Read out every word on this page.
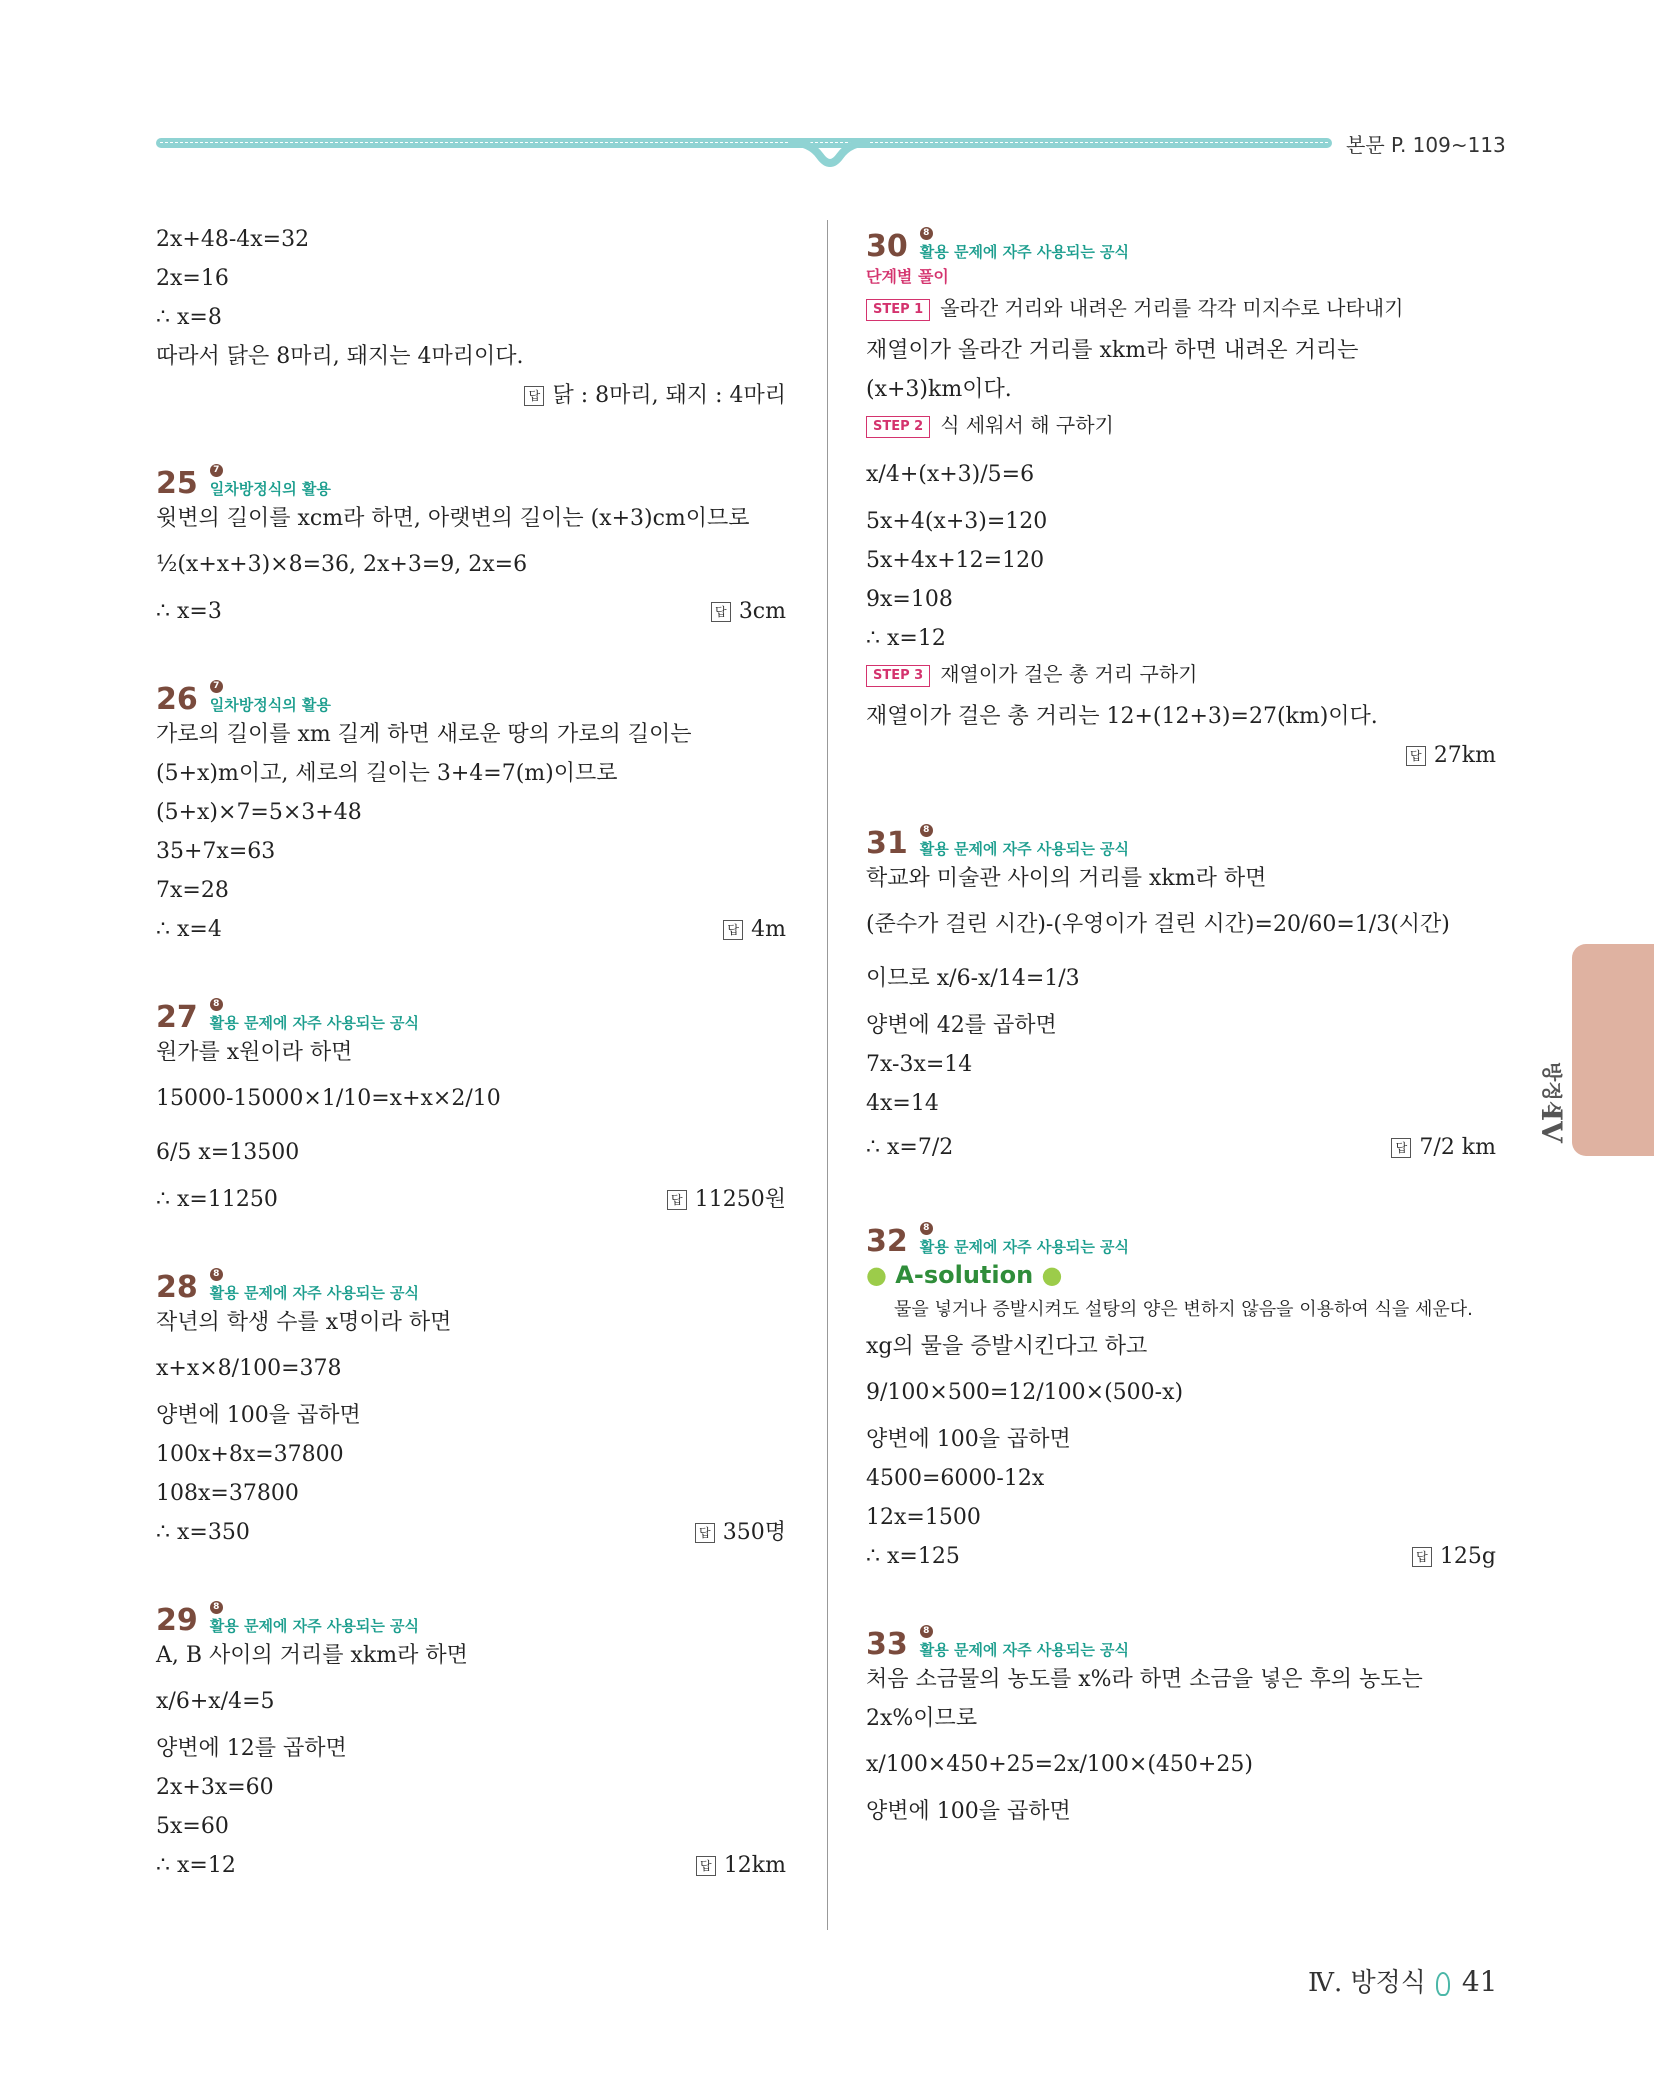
본문 P. 109~113
2x+48-4x=32
2x=16
∴ x=8
따라서 닭은 8마리, 돼지는 4마리이다.
답 닭 : 8마리, 돼지 : 4마리
25	7
일차방정식의 활용
윗변의 길이를 xcm라 하면, 아랫변의 길이는 (x+3)cm이므로
½(x+x+3)×8=36, 2x+3=9, 2x=6
∴ x=3	답 3cm
26	7
일차방정식의 활용
가로의 길이를 xm 길게 하면 새로운 땅의 가로의 길이는
(5+x)m이고, 세로의 길이는 3+4=7(m)이므로
(5+x)×7=5×3+48
35+7x=63
7x=28
∴ x=4	답 4m
27	8
활용 문제에 자주 사용되는 공식
원가를 x원이라 하면
15000-15000×1/10=x+x×2/10
6/5 x=13500
∴ x=11250	답 11250원
28	8
활용 문제에 자주 사용되는 공식
작년의 학생 수를 x명이라 하면
x+x×8/100=378
양변에 100을 곱하면
100x+8x=37800
108x=37800
∴ x=350	답 350명
29	8
활용 문제에 자주 사용되는 공식
A, B 사이의 거리를 xkm라 하면
x/6+x/4=5
양변에 12를 곱하면
2x+3x=60
5x=60
∴ x=12	답 12km
30	8
활용 문제에 자주 사용되는 공식
단계별 풀이
STEP 1 올라간 거리와 내려온 거리를 각각 미지수로 나타내기
재열이가 올라간 거리를 xkm라 하면 내려온 거리는
(x+3)km이다.
STEP 2 식 세워서 해 구하기
x/4+(x+3)/5=6
5x+4(x+3)=120
5x+4x+12=120
9x=108
∴ x=12
STEP 3 재열이가 걸은 총 거리 구하기
재열이가 걸은 총 거리는 12+(12+3)=27(km)이다.
답 27km
31	8
활용 문제에 자주 사용되는 공식
학교와 미술관 사이의 거리를 xkm라 하면
(준수가 걸린 시간)-(우영이가 걸린 시간)=20/60=1/3(시간)
이므로 x/6-x/14=1/3
양변에 42를 곱하면
7x-3x=14
4x=14
∴ x=7/2	답 7/2 km
32	8
활용 문제에 자주 사용되는 공식
● A-solution ●
물을 넣거나 증발시켜도 설탕의 양은 변하지 않음을 이용하여 식을 세운다.
xg의 물을 증발시킨다고 하고
9/100×500=12/100×(500-x)
양변에 100을 곱하면
4500=6000-12x
12x=1500
∴ x=125	답 125g
33	8
활용 문제에 자주 사용되는 공식
처음 소금물의 농도를 x%라 하면 소금을 넣은 후의 농도는
2x%이므로
x/100×450+25=2x/100×(450+25)
양변에 100을 곱하면
방정식
IV
Ⅳ. 방정식 41
